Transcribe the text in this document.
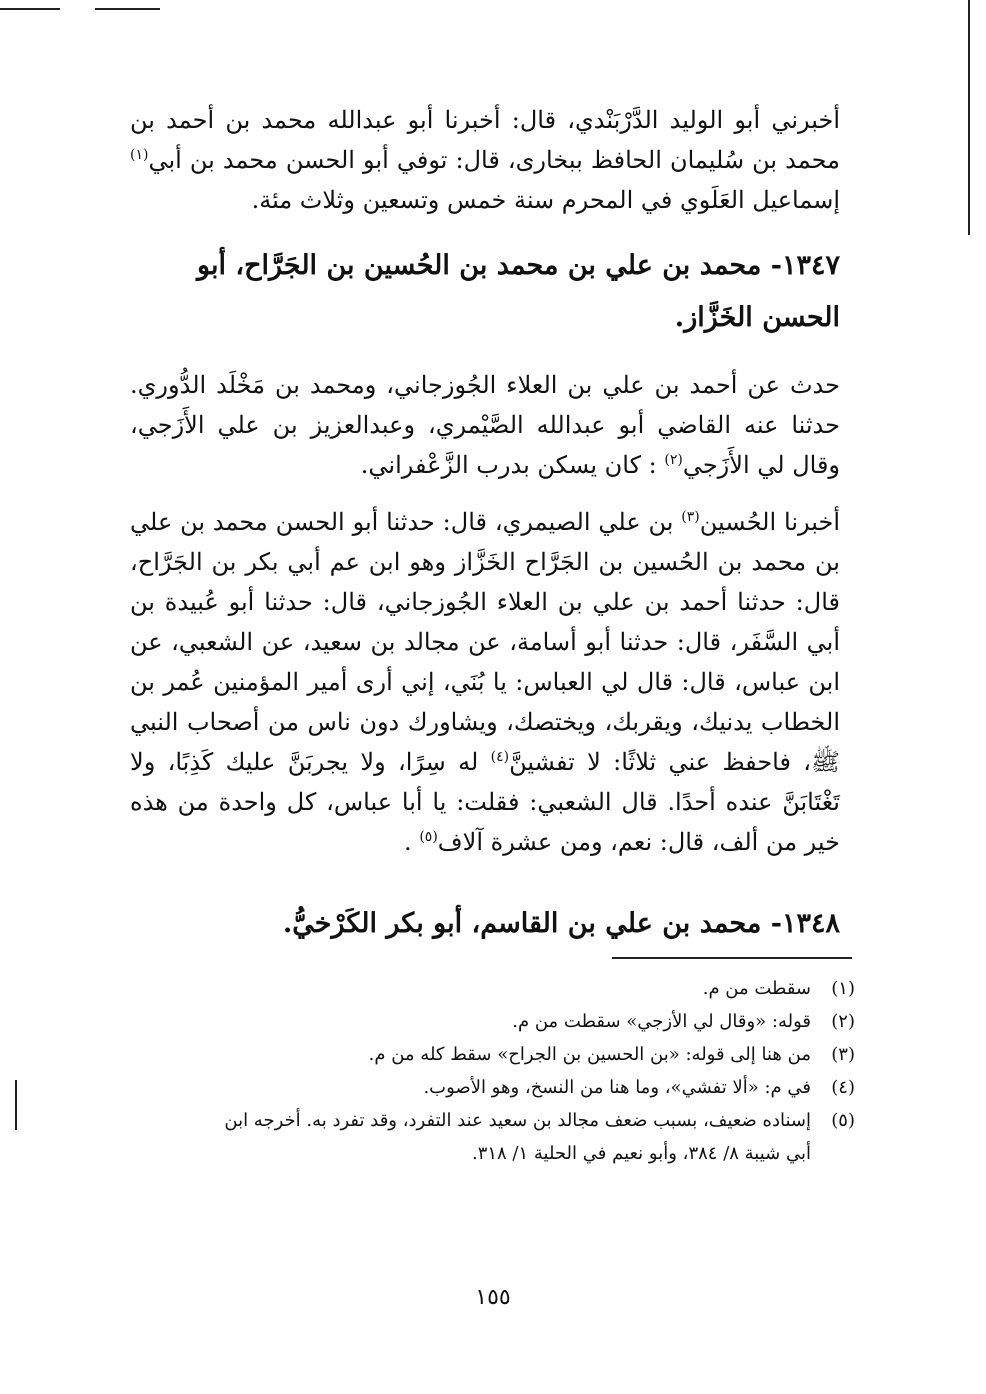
أخبرني أبو الوليد الدَّرْبَنْدي، قال: أخبرنا أبو عبدالله محمد بن أحمد بن محمد بن سُليمان الحافظ ببخارى، قال: توفي أبو الحسن محمد بن أبي$^{(١)}$ إسماعيل العَلَوي في المحرم سنة خمس وتسعين وثلاث مئة.

١٣٤٧- محمد بن علي بن محمد بن الحُسين بن الجَرَّاح، أبو الحسن الخَزَّاز.

حدث عن أحمد بن علي بن العلاء الجُوزجاني، ومحمد بن مَخْلَد الدُّوري. حدثنا عنه القاضي أبو عبدالله الصَّيْمري، وعبدالعزيز بن علي الأَزَجي، وقال لي الأَزَجي$^{(٢)}$ : كان يسكن بدرب الزَّعْفراني.

أخبرنا الحُسين$^{(٣)}$ بن علي الصيمري، قال: حدثنا أبو الحسن محمد بن علي بن محمد بن الحُسين بن الجَرَّاح الخَزَّاز وهو ابن عم أبي بكر بن الجَرَّاح، قال: حدثنا أحمد بن علي بن العلاء الجُوزجاني، قال: حدثنا أبو عُبيدة بن أبي السَّفَر، قال: حدثنا أبو أسامة، عن مجالد بن سعيد، عن الشعبي، عن ابن عباس، قال: قال لي العباس: يا بُنَي، إني أرى أمير المؤمنين عُمر بن الخطاب يدنيك، ويقربك، ويختصك، ويشاورك دون ناس من أصحاب النبي ﷺ، فاحفظ عني ثلاثًا: لا تفشينَّ$^{(٤)}$ له سِرًا، ولا يجربَنَّ عليك كَذِبًا، ولا تَغْتَابَنَّ عنده أحدًا. قال الشعبي: فقلت: يا أبا عباس، كل واحدة من هذه خير من ألف، قال: نعم، ومن عشرة آلاف$^{(٥)}$ .

١٣٤٨- محمد بن علي بن القاسم، أبو بكر الكَرْخيُّ.
(١)
سقطت من م.
(٢)
قوله: «وقال لي الأزجي» سقطت من م.
(٣)
من هنا إلى قوله: «بن الحسين بن الجراح» سقط كله من م.
(٤)
في م: «ألا تفشي»، وما هنا من النسخ، وهو الأصوب.
(٥)
إسناده ضعيف، بسبب ضعف مجالد بن سعيد عند التفرد، وقد تفرد به. أخرجه ابن أبي شيبة ٨/ ٣٨٤، وأبو نعيم في الحلية ١/ ٣١٨.
١٥٥
